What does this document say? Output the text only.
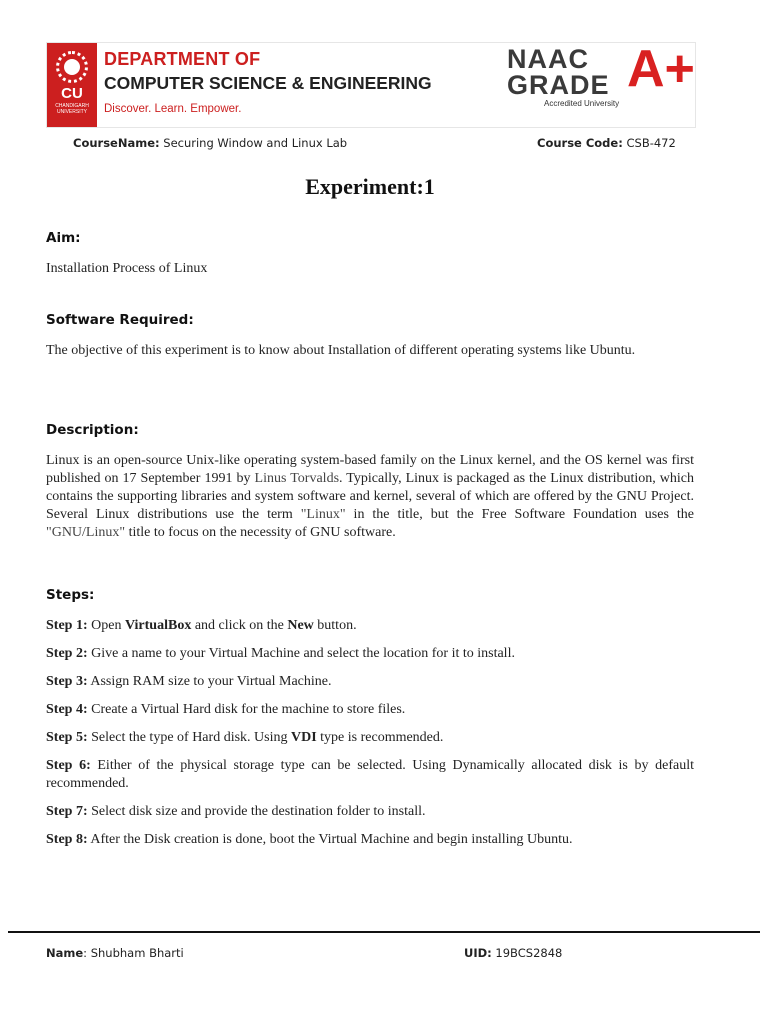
CU
CHANDIGARH UNIVERSITY
DEPARTMENT OF
COMPUTER SCIENCE & ENGINEERING
Discover. Learn. Empower.
NAAC
GRADE A+
Accredited University
CourseName: Securing Window and Linux Lab	Course Code: CSB-472
Experiment:1
Aim:
Installation Process of Linux
Software Required:
The objective of this experiment is to know about Installation of different operating systems like Ubuntu.
Description:
Linux is an open-source Unix-like operating system-based family on the Linux kernel, and the OS kernel was first published on 17 September 1991 by Linus Torvalds. Typically, Linux is packaged as the Linux distribution, which contains the supporting libraries and system software and kernel, several of which are offered by the GNU Project. Several Linux distributions use the term "Linux" in the title, but the Free Software Foundation uses the "GNU/Linux" title to focus on the necessity of GNU software.
Steps:
Step 1: Open VirtualBox and click on the New button.
Step 2: Give a name to your Virtual Machine and select the location for it to install.
Step 3: Assign RAM size to your Virtual Machine.
Step 4: Create a Virtual Hard disk for the machine to store files.
Step 5: Select the type of Hard disk. Using VDI type is recommended.
Step 6: Either of the physical storage type can be selected. Using Dynamically allocated disk is by default recommended.
Step 7: Select disk size and provide the destination folder to install.
Step 8: After the Disk creation is done, boot the Virtual Machine and begin installing Ubuntu.
Name: Shubham Bharti	UID: 19BCS2848
